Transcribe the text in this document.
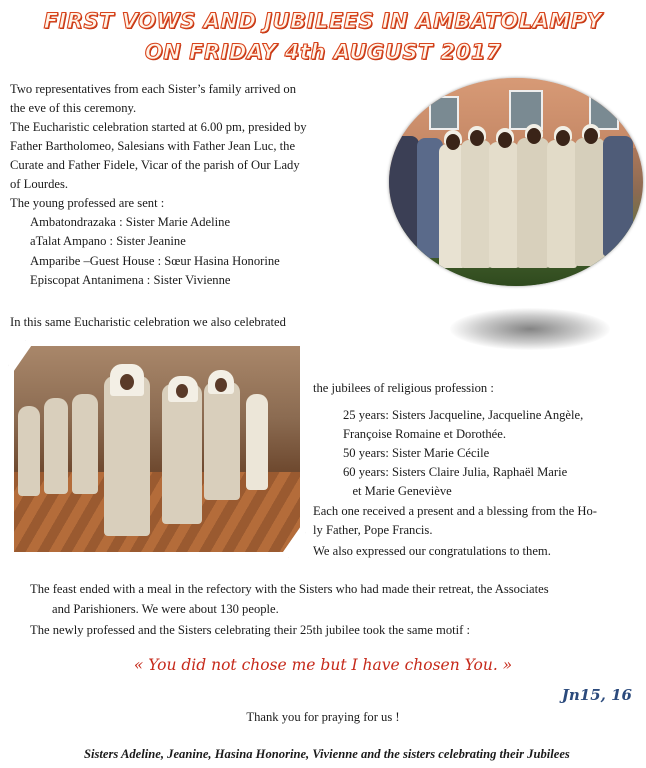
FIRST VOWS AND JUBILEES IN AMBATOLAMPY
ON FRIDAY 4th AUGUST 2017
Two representatives from each Sister’s family arrived on
the eve of this ceremony.
The Eucharistic celebration started at 6.00 pm, presided by
Father Bartholomeo, Salesians with Father Jean Luc, the
Curate and Father Fidele, Vicar of the parish of Our Lady
of Lourdes.
The young professed are sent :
Ambatondrazaka : Sister Marie Adeline
aTalat Ampano : Sister Jeanine
Amparibe –Guest House : Sœur Hasina Honorine
Episcopat Antanimena : Sister Vivienne
In this same Eucharistic celebration we also celebrated
the jubilees of religious profession :
25 years: Sisters Jacqueline, Jacqueline Angèle,
Françoise Romaine et Dorothée.
50 years: Sister Marie Cécile
60 years: Sisters Claire Julia, Raphaël Marie
et Marie Geneviève
Each one received a present and a blessing from the Ho-
ly Father, Pope Francis.
We also expressed our congratulations to them.
The feast ended with a meal in the refectory with the Sisters who had made their retreat, the Associates
and Parishioners. We were about 130 people.
The newly professed and the Sisters celebrating their 25th jubilee took the same motif :
« You did not chose me but I have chosen You. »
Jn15, 16
Thank you for praying for us !
Sisters Adeline, Jeanine, Hasina Honorine, Vivienne and the sisters celebrating their Jubilees
